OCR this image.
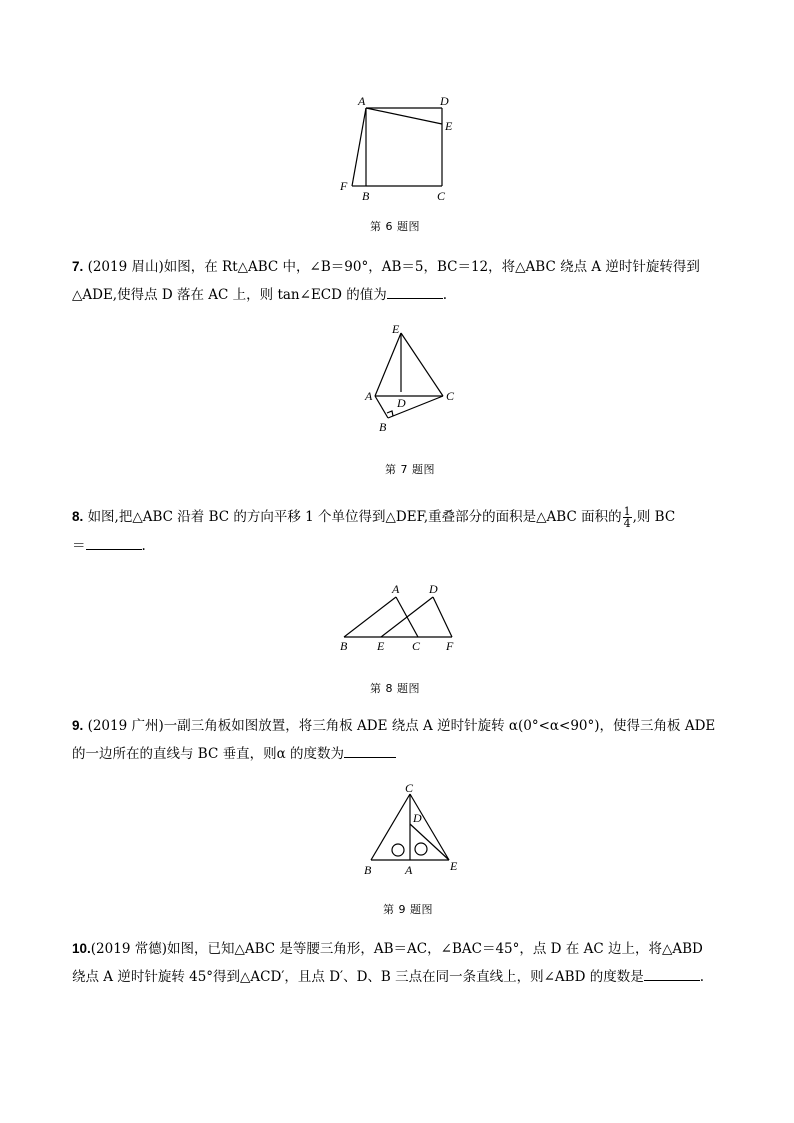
A	D
E
F
B	C
第 6 题图
7. (2019 眉山)如图，在 Rt△ABC 中，∠B＝90°，AB＝5，BC＝12，将△ABC 绕点 A 逆时针旋转得到
△ADE,使得点 D 落在 AC 上，则 tan∠ECD 的值为	.
E
A D	C
B
第 7 题图
8. 如图,把△ABC 沿着 BC 的方向平移 1 个单位得到△DEF,重叠部分的面积是△ABC 面积的 $\frac{1}{4}$ ,则 BC
＝	.
A D
B E C F
第 8 题图
9. (2019 广州)一副三角板如图放置，将三角板 ADE 绕点 A 逆时针旋转 α(0°<α<90°)，使得三角板 ADE
的一边所在的直线与 BC 垂直，则α 的度数为
C
D
B	A	E
第 9 题图
10.(2019 常德)如图，已知△ABC 是等腰三角形，AB＝AC，∠BAC＝45°，点 D 在 AC 边上，将△ABD
绕点 A 逆时针旋转 45°得到△ACD′，且点 D′、D、B 三点在同一条直线上，则∠ABD 的度数是	.
